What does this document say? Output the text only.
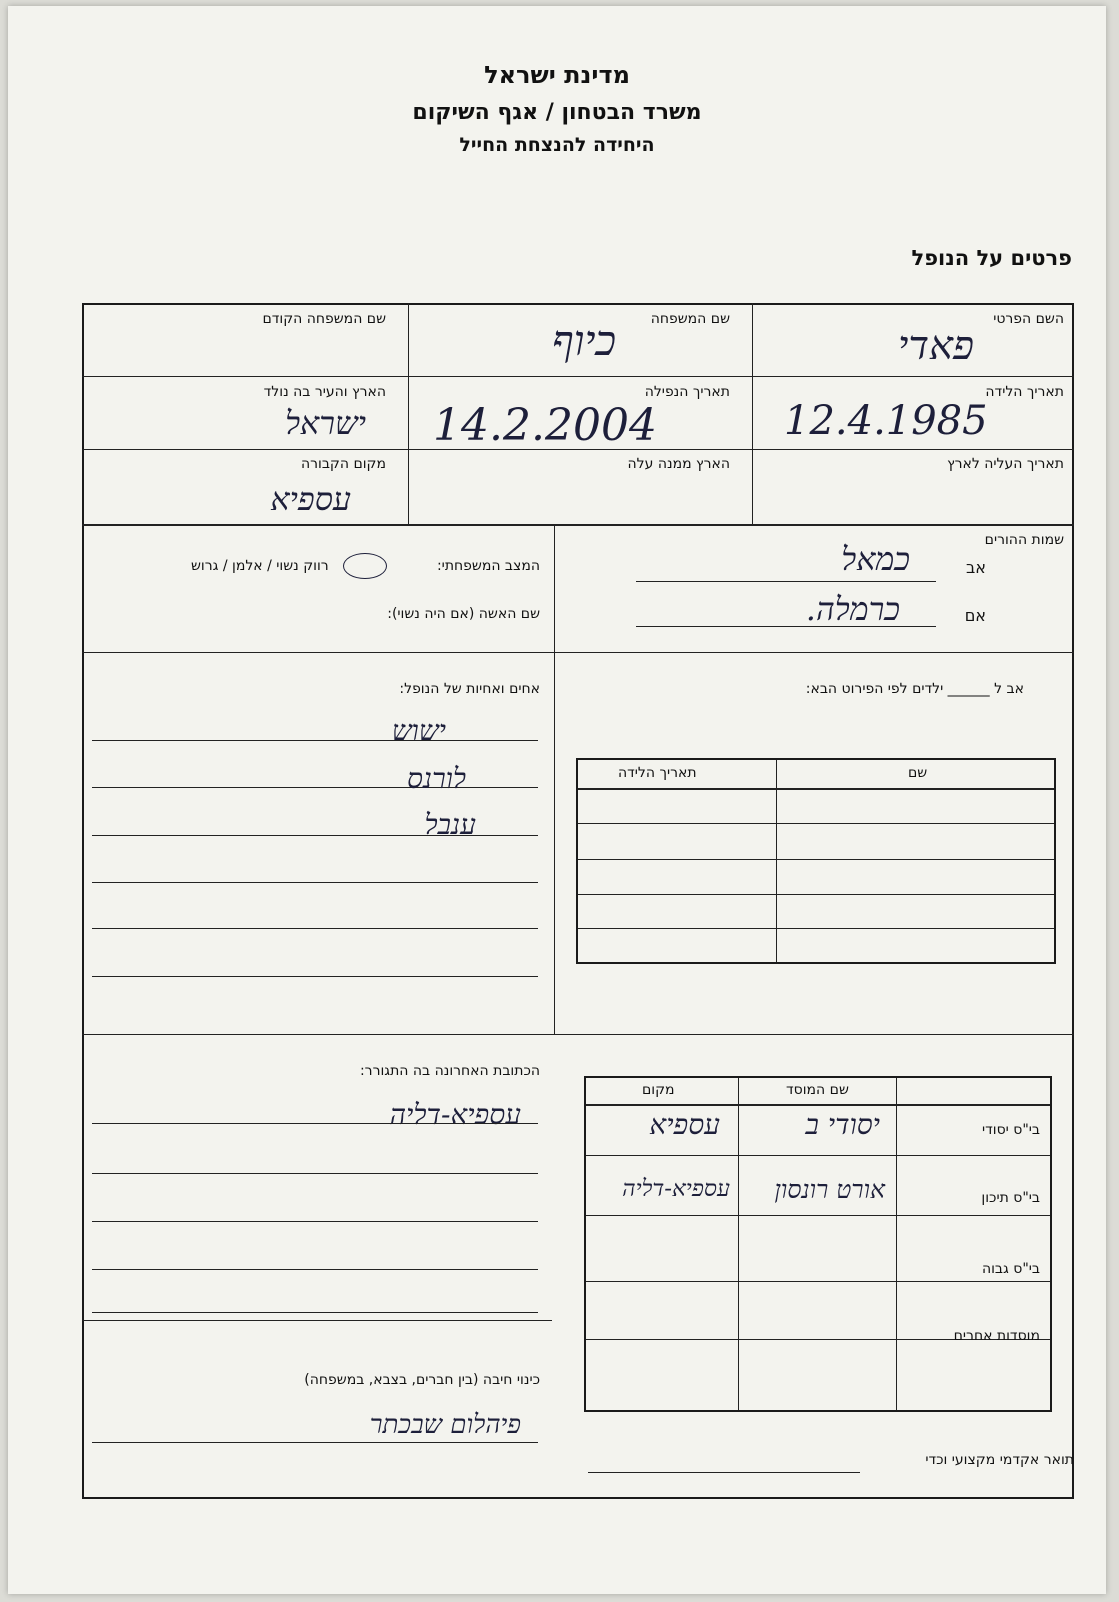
מדינת ישראל
משרד הבטחון / אגף השיקום
היחידה להנצחת החייל
פרטים על הנופל
השם הפרטי
פאדי
שם המשפחה
כיוף
שם המשפחה הקודם
תאריך הלידה
12.4.1985
תאריך הנפילה
14.2.2004
הארץ והעיר בה נולד
ישראל
תאריך העליה לארץ
הארץ ממנה עלה
מקום הקבורה
עספיא
שמות ההורים
אב
כמאל
אם
כרמלה.
המצב המשפחתי:
רווק נשוי / אלמן / גרוש
שם האשה (אם היה נשוי):
אב ל ______ ילדים לפי הפירוט הבא:
שם
תאריך הלידה
אחים ואחיות של הנופל:
ישוש
לורנס
ענבל
הכתובת האחרונה בה התגורר:
עספיא-דליה
שם המוסד
מקום
בי"ס יסודי
יסודי ב
עספיא
בי"ס תיכון
אורט רונסון
עספיא-דליה
בי"ס גבוה
מוסדות אחרים
כינוי חיבה (בין חברים, בצבא, במשפחה)
פיהלום שבכתר
תואר אקדמי מקצועי וכדי
